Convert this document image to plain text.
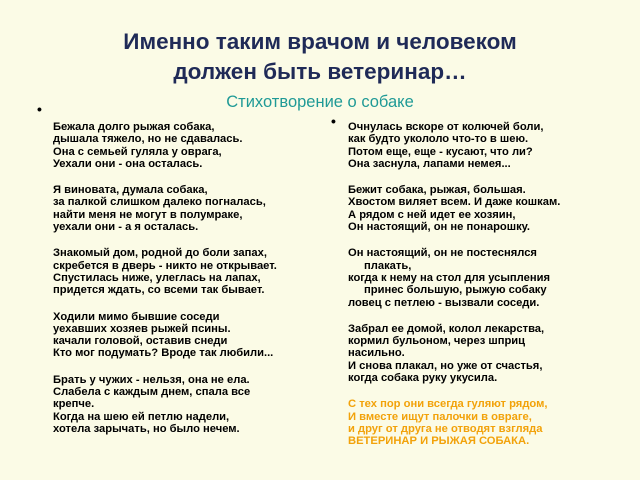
Именно таким врачом и человеком
должен быть ветеринар…
Стихотворение о собаке
•
•
Бежала долго рыжая собака,
дышала тяжело, но не сдавалась.
Она с семьей гуляла у оврага,
Уехали они - она осталась.
Я виновата, думала собака,
за палкой слишком далеко погналась,
найти меня не могут в полумраке,
уехали они - а я осталась.
Знакомый дом, родной до боли запах,
скребется в дверь - никто не открывает.
Спустилась ниже, улеглась на лапах,
придется ждать, со всеми так бывает.
Ходили мимо бывшие соседи
уехавших хозяев рыжей псины.
качали головой, оставив снеди
Кто мог подумать? Вроде так любили...
Брать у чужих - нельзя, она не ела.
Слабела с каждым днем, спала все
крепче.
Когда на шею ей петлю надели,
хотела зарычать, но было нечем.
Очнулась вскоре от колючей боли,
как будто укололо что-то в шею.
Потом еще, еще - кусают, что ли?
Она заснула, лапами немея...
Бежит собака, рыжая, большая.
Хвостом виляет всем. И даже кошкам.
А рядом с ней идет ее хозяин,
Он настоящий, он не понарошку.
Он настоящий, он не постеснялся
плакать,
когда к нему на стол для усыпления
принес большую, рыжую собаку
ловец с петлею - вызвали соседи.
Забрал ее домой, колол лекарства,
кормил бульоном, через шприц
насильно.
И снова плакал, но уже от счастья,
когда собака руку укусила.
С тех пор они всегда гуляют рядом,
И вместе ищут палочки в овраге,
и друг от друга не отводят взгляда
ВЕТЕРИНАР И РЫЖАЯ СОБАКА.
